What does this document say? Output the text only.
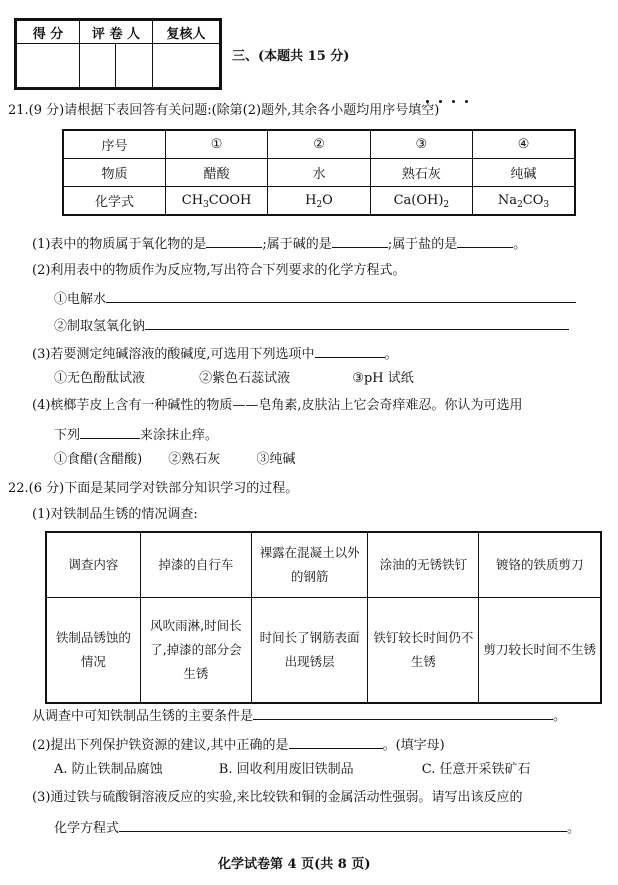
得 分	评 卷 人	复核人

三、(本题共 15 分)
21.(9 分)请根据下表回答有关问题:(除第(2)题外,其余各小题均用序号填空)
序号	①	②	③	④
物质	醋酸	水	熟石灰	纯碱
化学式	$CH_3COOH$	$H_2O$	$Ca(OH)_2$	$Na_2CO_3$
(1)表中的物质属于氧化物的是	;属于碱的是	;属于盐的是	。
(2)利用表中的物质作为反应物,写出符合下列要求的化学方程式。
①电解水
②制取氢氧化钠
(3)若要测定纯碱溶液的酸碱度,可选用下列选项中	。
①无色酚酞试液	②紫色石蕊试液	③pH 试纸
(4)槟榔芋皮上含有一种碱性的物质——皂角素,皮肤沾上它会奇痒难忍。你认为可选用
下列	来涂抹止痒。
①食醋(含醋酸) ②熟石灰	③纯碱
22.(6 分)下面是某同学对铁部分知识学习的过程。
(1)对铁制品生锈的情况调查:
调查内容	掉漆的自行车	裸露在混凝土以外的钢筋	涂油的无锈铁钉	镀铬的铁质剪刀
铁制品锈蚀的情况	风吹雨淋,时间长了,掉漆的部分会生锈	时间长了钢筋表面出现锈层	铁钉较长时间仍不生锈	剪刀较长时间不生锈
从调查中可知铁制品生锈的主要条件是	。
(2)提出下列保护铁资源的建议,其中正确的是	。(填字母)
A. 防止铁制品腐蚀	B. 回收利用废旧铁制品	C. 任意开采铁矿石
(3)通过铁与硫酸铜溶液反应的实验,来比较铁和铜的金属活动性强弱。请写出该反应的
化学方程式	。
化学试卷第 4 页(共 8 页)
